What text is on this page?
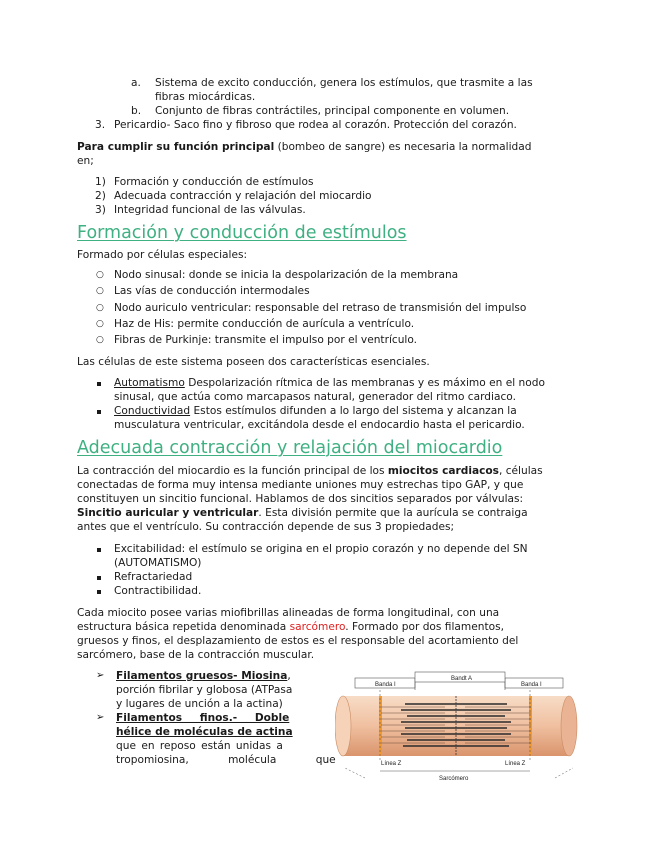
a. Sistema de excito conducción, genera los estímulos, que trasmite a las
fibras miocárdicas.
b. Conjunto de fibras contráctiles, principal componente en volumen.
3. Pericardio- Saco fino y fibroso que rodea al corazón. Protección del corazón.
Para cumplir su función principal (bombeo de sangre) es necesaria la normalidad
en;
1) Formación y conducción de estímulos
2) Adecuada contracción y relajación del miocardio
3) Integridad funcional de las válvulas.
Formación y conducción de estímulos
Formado por células especiales:
○ Nodo sinusal: donde se inicia la despolarización de la membrana
○ Las vías de conducción intermodales
○ Nodo auriculo ventricular: responsable del retraso de transmisión del impulso
○ Haz de His: permite conducción de aurícula a ventrículo.
○ Fibras de Purkinje: transmite el impulso por el ventrículo.
Las células de este sistema poseen dos características esenciales.
Automatismo Despolarización rítmica de las membranas y es máximo en el nodo
sinusal, que actúa como marcapasos natural, generador del ritmo cardiaco.
Conductividad Estos estímulos difunden a lo largo del sistema y alcanzan la
musculatura ventricular, excitándola desde el endocardio hasta el pericardio.
Adecuada contracción y relajación del miocardio
La contracción del miocardio es la función principal de los miocitos cardiacos, células
conectadas de forma muy intensa mediante uniones muy estrechas tipo GAP, y que
constituyen un sincitio funcional. Hablamos de dos sincitios separados por válvulas:
Sincitio auricular y ventricular. Esta división permite que la aurícula se contraiga
antes que el ventrículo. Su contracción depende de sus 3 propiedades;
Excitabilidad: el estímulo se origina en el propio corazón y no depende del SN
(AUTOMATISMO)
Refractariedad
Contractibilidad.
Cada miocito posee varias miofibrillas alineadas de forma longitudinal, con una
estructura básica repetida denominada sarcómero. Formado por dos filamentos,
gruesos y finos, el desplazamiento de estos es el responsable del acortamiento del
sarcómero, base de la contracción muscular.
➢ Filamentos gruesos- Miosina,
porción fibrilar y globosa (ATPasa
y lugares de unción a la actina)
➢ Filamentos finos.- Doble
hélice de moléculas de actina
que en reposo están unidas a
tropomiosina, molécula que
Banda I
Bandt A
Banda I
Línea Z	Línea Z
Sarcómero
